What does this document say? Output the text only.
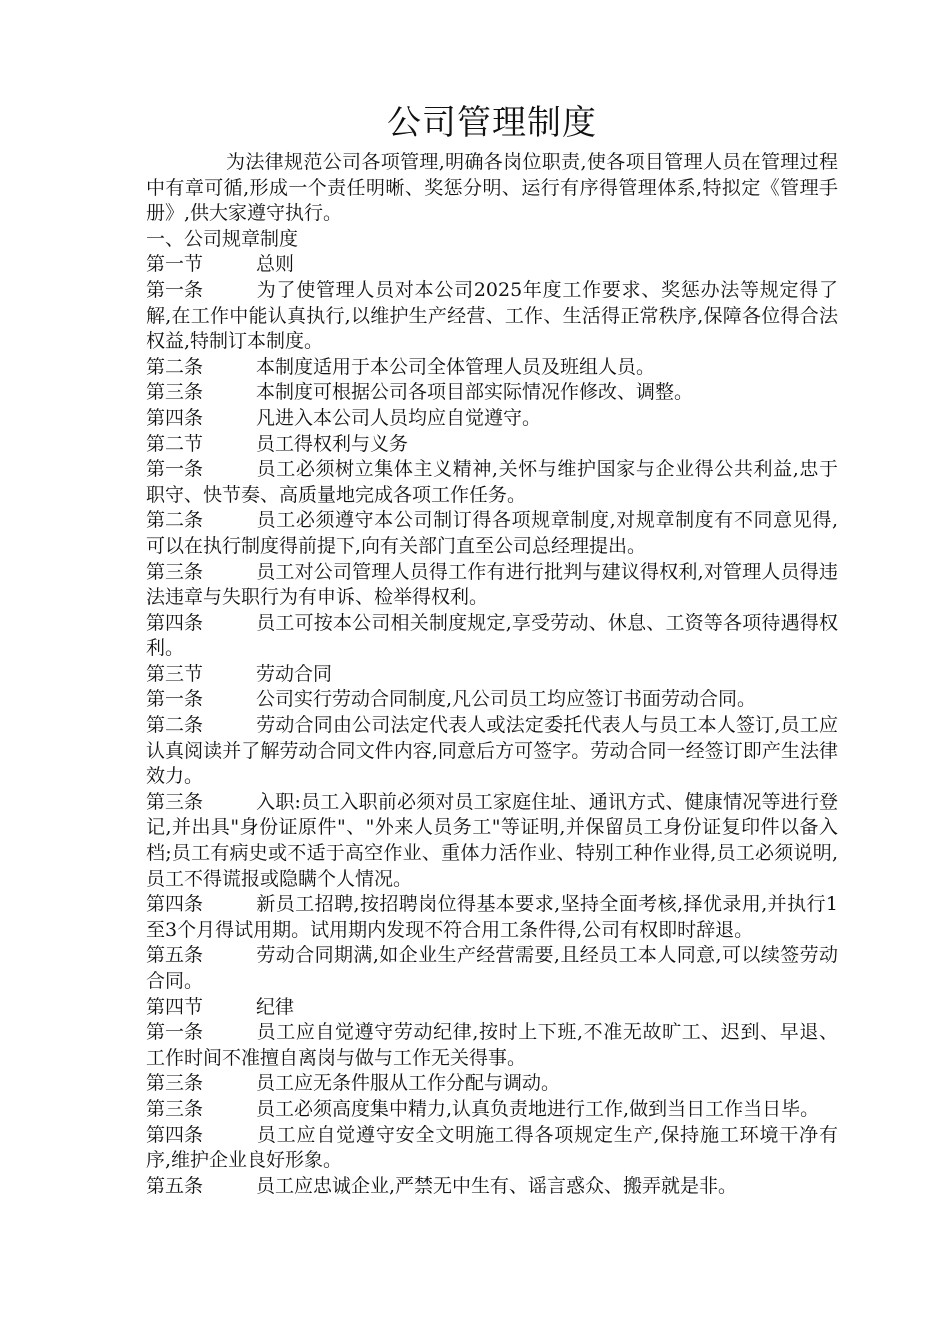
公司管理制度

为法律规范公司各项管理,明确各岗位职责,使各项目管理人员在管理过程中有章可循,形成一个责任明晰、奖惩分明、运行有序得管理体系,特拟定《管理手册》,供大家遵守执行。

一、公司规章制度

第一节	总则

第一条	为了使管理人员对本公司2025年度工作要求、奖惩办法等规定得了解,在工作中能认真执行,以维护生产经营、工作、生活得正常秩序,保障各位得合法权益,特制订本制度。

第二条	本制度适用于本公司全体管理人员及班组人员。

第三条	本制度可根据公司各项目部实际情况作修改、调整。

第四条	凡进入本公司人员均应自觉遵守。

第二节	员工得权利与义务

第一条	员工必须树立集体主义精神,关怀与维护国家与企业得公共利益,忠于职守、快节奏、高质量地完成各项工作任务。

第二条	员工必须遵守本公司制订得各项规章制度,对规章制度有不同意见得,可以在执行制度得前提下,向有关部门直至公司总经理提出。

第三条	员工对公司管理人员得工作有进行批判与建议得权利,对管理人员得违法违章与失职行为有申诉、检举得权利。

第四条	员工可按本公司相关制度规定,享受劳动、休息、工资等各项待遇得权利。

第三节	劳动合同

第一条	公司实行劳动合同制度,凡公司员工均应签订书面劳动合同。

第二条	劳动合同由公司法定代表人或法定委托代表人与员工本人签订,员工应认真阅读并了解劳动合同文件内容,同意后方可签字。劳动合同一经签订即产生法律效力。

第三条	入职:员工入职前必须对员工家庭住址、通讯方式、健康情况等进行登记,并出具"身份证原件"、"外来人员务工"等证明,并保留员工身份证复印件以备入档;员工有病史或不适于高空作业、重体力活作业、特别工种作业得,员工必须说明,员工不得谎报或隐瞒个人情况。

第四条	新员工招聘,按招聘岗位得基本要求,坚持全面考核,择优录用,并执行1至3个月得试用期。试用期内发现不符合用工条件得,公司有权即时辞退。

第五条	劳动合同期满,如企业生产经营需要,且经员工本人同意,可以续签劳动合同。

第四节	纪律

第一条	员工应自觉遵守劳动纪律,按时上下班,不准无故旷工、迟到、早退、工作时间不准擅自离岗与做与工作无关得事。

第三条	员工应无条件服从工作分配与调动。

第三条	员工必须高度集中精力,认真负责地进行工作,做到当日工作当日毕。

第四条	员工应自觉遵守安全文明施工得各项规定生产,保持施工环境干净有序,维护企业良好形象。

第五条	员工应忠诚企业,严禁无中生有、谣言惑众、搬弄就是非。
